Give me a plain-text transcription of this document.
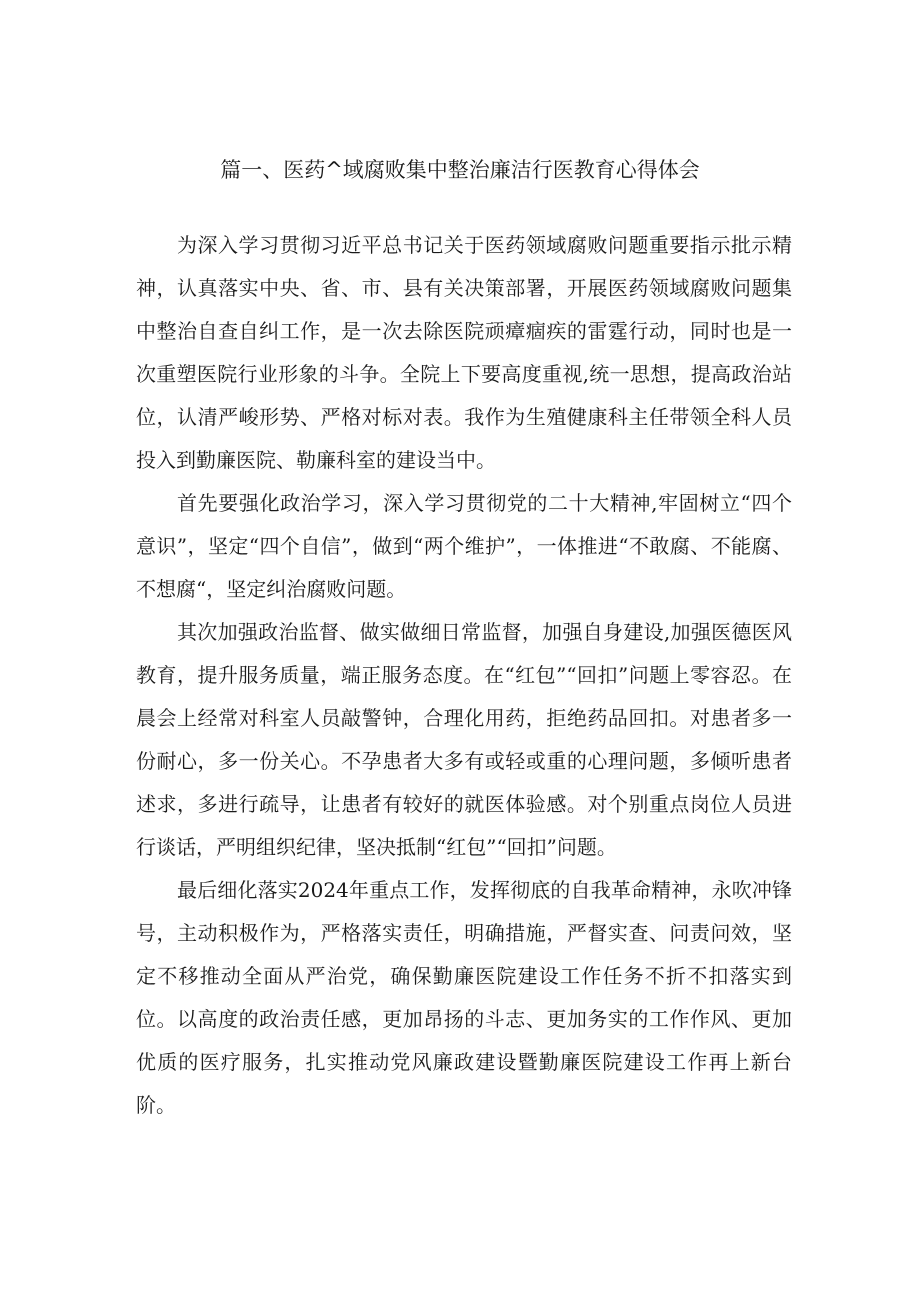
篇一、医药^域腐败集中整治廉洁行医教育心得体会

为深入学习贯彻习近平总书记关于医药领域腐败问题重要指示批示精神，认真落实中央、省、市、县有关决策部署，开展医药领域腐败问题集中整治自查自纠工作，是一次去除医院顽瘴痼疾的雷霆行动，同时也是一次重塑医院行业形象的斗争。全院上下要高度重视,统一思想，提高政治站位，认清严峻形势、严格对标对表。我作为生殖健康科主任带领全科人员投入到勤廉医院、勒廉科室的建设当中。

首先要强化政治学习，深入学习贯彻党的二十大精神,牢固树立“四个意识”，坚定“四个自信”，做到“两个维护”，一体推进“不敢腐、不能腐、不想腐“，坚定纠治腐败问题。

其次加强政治监督、做实做细日常监督，加强自身建设,加强医德医风教育，提升服务质量，端正服务态度。在“红包”“回扣”问题上零容忍。在晨会上经常对科室人员敲警钟，合理化用药，拒绝药品回扣。对患者多一份耐心，多一份关心。不孕患者大多有或轻或重的心理问题，多倾听患者述求，多进行疏导，让患者有较好的就医体验感。对个别重点岗位人员进行谈话，严明组织纪律，坚决抵制“红包”“回扣”问题。

最后细化落实2024年重点工作，发挥彻底的自我革命精神，永吹冲锋号，主动积极作为，严格落实责任，明确措施，严督实查、问责问效，坚定不移推动全面从严治党，确保勤廉医院建设工作任务不折不扣落实到位。以高度的政治责任感，更加昂扬的斗志、更加务实的工作作风、更加优质的医疗服务，扎实推动党风廉政建设暨勤廉医院建设工作再上新台阶。
